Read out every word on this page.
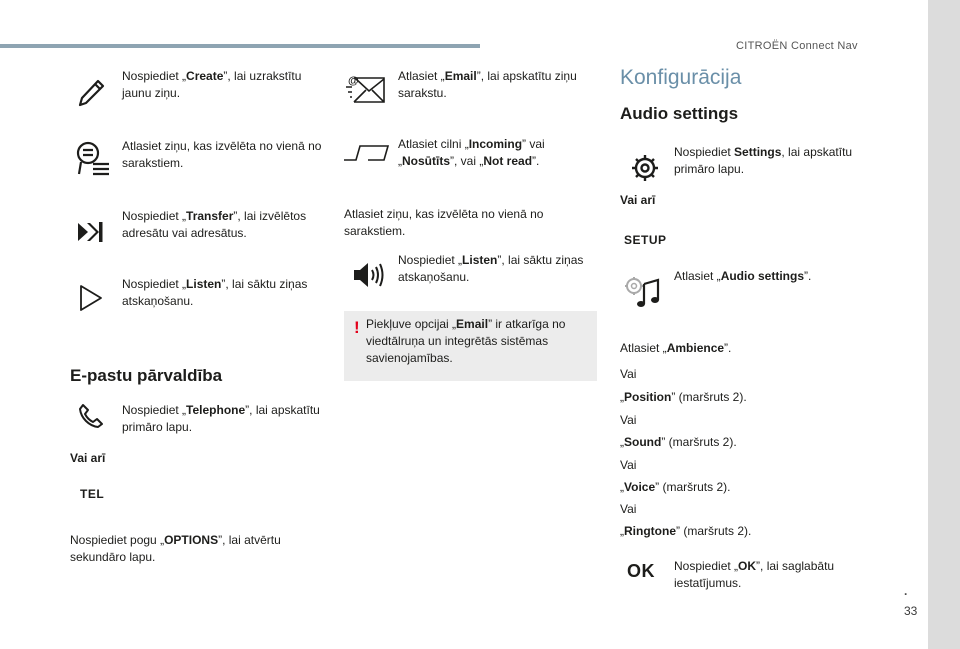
CITROËN Connect Nav
Nospiediet „Create”, lai uzrakstītu jaunu ziņu.
Atlasiet ziņu, kas izvēlēta no vienā no sarakstiem.
Nospiediet „Transfer”, lai izvēlētos adresātu vai adresātus.
Nospiediet „Listen”, lai sāktu ziņas atskaņošanu.
E-pastu pārvaldība
Nospiediet „Telephone”, lai apskatītu primāro lapu.
Vai arī
TEL
Nospiediet pogu „OPTIONS”, lai atvērtu sekundāro lapu.
@	Atlasiet „Email”, lai apskatītu ziņu sarakstu.
Atlasiet cilni „Incoming” vai „Nosūtīts”, vai „Not read”.
Atlasiet ziņu, kas izvēlēta no vienā no sarakstiem.
Nospiediet „Listen”, lai sāktu ziņas atskaņošanu.
! Piekļuve opcijai „Email” ir atkarīga no viedtālruņa un integrētās sistēmas savienojamības.
Konfigurācija
Audio settings
Nospiediet Settings, lai apskatītu primāro lapu.
Vai arī
SETUP
Atlasiet „Audio settings”.
Atlasiet „Ambience”.
Vai
„Position” (maršruts 2).
Vai
„Sound” (maršruts 2).
Vai
„Voice” (maršruts 2).
Vai
„Ringtone” (maršruts 2).
OK Nospiediet „OK”, lai saglabātu iestatījumus.
.
33
